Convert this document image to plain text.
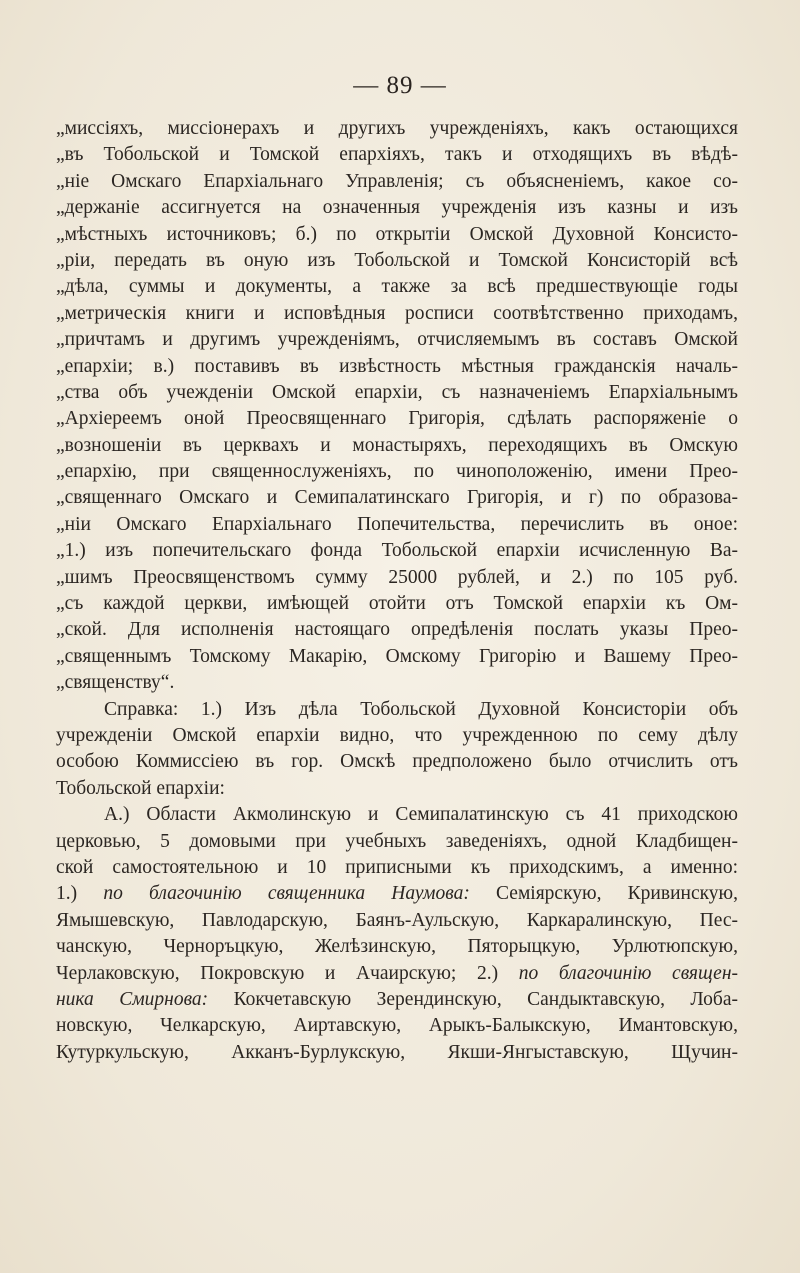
— 89 —
„миссіяхъ, миссіонерахъ и другихъ учрежденіяхъ, какъ остающихся
„въ Тобольской и Томской епархіяхъ, такъ и отходящихъ въ вѣдѣ-
„ніе Омскаго Епархіальнаго Управленія; съ объясненіемъ, какое со-
„держаніе ассигнуется на означенныя учрежденія изъ казны и изъ
„мѣстныхъ источниковъ; б.) по открытіи Омской Духовной Консисто-
„ріи, передать въ оную изъ Тобольской и Томской Консисторій всѣ
„дѣла, суммы и документы, а также за всѣ предшествующіе годы
„метрическія книги и исповѣдныя росписи соотвѣтственно приходамъ,
„причтамъ и другимъ учрежденіямъ, отчисляемымъ въ составъ Омской
„епархіи; в.) поставивъ въ извѣстность мѣстныя гражданскія началь-
„ства объ учежденіи Омской епархіи, съ назначеніемъ Епархіальнымъ
„Архіереемъ оной Преосвященнаго Григорія, сдѣлать распоряженіе о
„возношеніи въ церквахъ и монастыряхъ, переходящихъ въ Омскую
„епархію, при священнослуженіяхъ, по чиноположенію, имени Прео-
„священнаго Омскаго и Семипалатинскаго Григорія, и г) по образова-
„ніи Омскаго Епархіальнаго Попечительства, перечислить въ оное:
„1.) изъ попечительскаго фонда Тобольской епархіи исчисленную Ва-
„шимъ Преосвященствомъ сумму 25000 рублей, и 2.) по 105 руб.
„съ каждой церкви, имѣющей отойти отъ Томской епархіи къ Ом-
„ской. Для исполненія настоящаго опредѣленія послать указы Прео-
„священнымъ Томскому Макарію, Омскому Григорію и Вашему Прео-
„священству“.
Справка: 1.) Изъ дѣла Тобольской Духовной Консисторіи объ
учрежденіи Омской епархіи видно, что учрежденною по сему дѣлу
особою Коммиссіею въ гор. Омскѣ предположено было отчислить отъ
Тобольской епархіи:
А.) Области Акмолинскую и Семипалатинскую съ 41 приходскою
церковью, 5 домовыми при учебныхъ заведеніяхъ, одной Кладбищен-
ской самостоятельною и 10 приписными къ приходскимъ, а именно:
1.) по благочинію священника Наумова: Семіярскую, Кривинскую,
Ямышевскую, Павлодарскую, Баянъ-Аульскую, Каркаралинскую, Пес-
чанскую, Черноръцкую, Желѣзинскую, Пяторыцкую, Урлютюпскую,
Черлаковскую, Покровскую и Ачаирскую; 2.) по благочинію священ-
ника Смирнова: Кокчетавскую Зерендинскую, Сандыктавскую, Лоба-
новскую, Челкарскую, Аиртавскую, Арыкъ-Балыкскую, Имантовскую,
Кутуркульскую, Акканъ-Бурлукскую, Якши-Янгыставскую, Щучин-
